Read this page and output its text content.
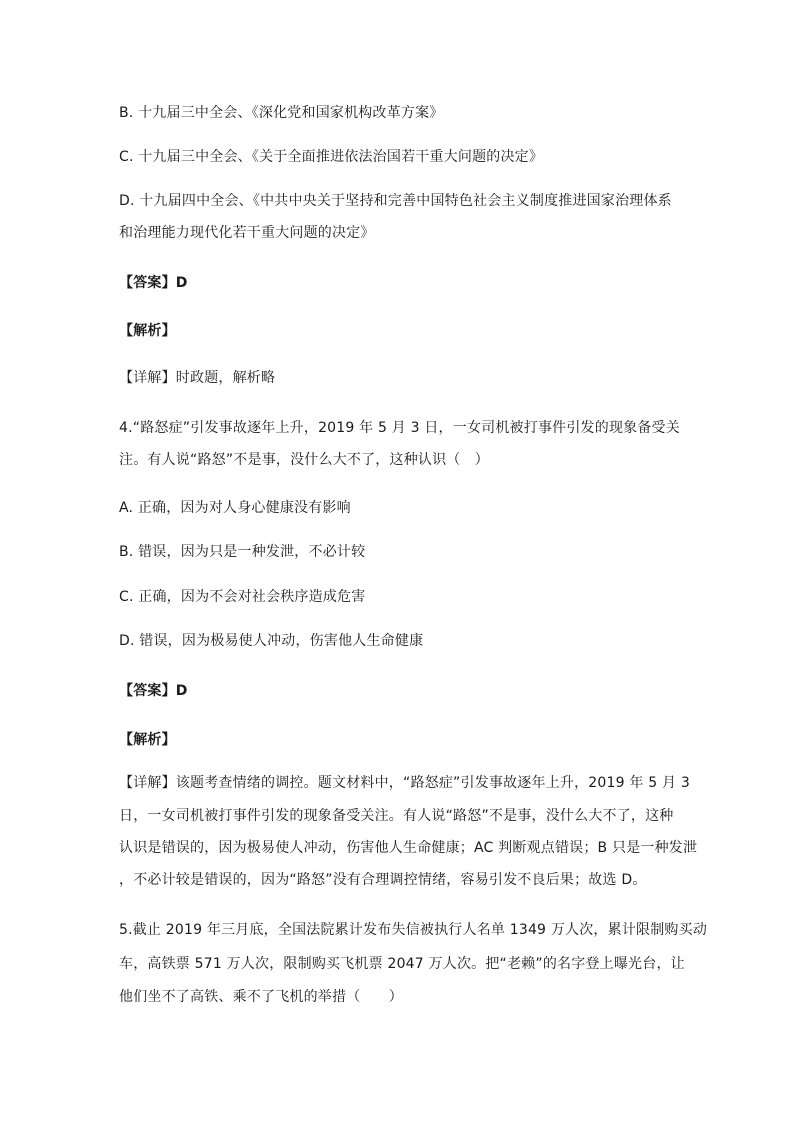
B. 十九届三中全会、《深化党和国家机构改革方案》
C. 十九届三中全会、《关于全面推进依法治国若干重大问题的决定》
D. 十九届四中全会、《中共中央关于坚持和完善中国特色社会主义制度推进国家治理体系
和治理能力现代化若干重大问题的决定》
【答案】D
【解析】
【详解】时政题，解析略
4.“路怒症”引发事故逐年上升，2019 年 5 月 3 日，一女司机被打事件引发的现象备受关
注。有人说“路怒”不是事，没什么大不了，这种认识（　）
A. 正确，因为对人身心健康没有影响
B. 错误，因为只是一种发泄，不必计较
C. 正确，因为不会对社会秩序造成危害
D. 错误，因为极易使人冲动，伤害他人生命健康
【答案】D
【解析】
【详解】该题考查情绪的调控。题文材料中，“路怒症”引发事故逐年上升，2019 年 5 月 3
日，一女司机被打事件引发的现象备受关注。有人说“路怒”不是事，没什么大不了，这种
认识是错误的，因为极易使人冲动，伤害他人生命健康；AC 判断观点错误；B 只是一种发泄
，不必计较是错误的，因为“路怒”没有合理调控情绪，容易引发不良后果；故选 D。
5.截止 2019 年三月底，全国法院累计发布失信被执行人名单 1349 万人次，累计限制购买动
车，高铁票 571 万人次，限制购买飞机票 2047 万人次。把“老赖”的名字登上曝光台，让
他们坐不了高铁、乘不了飞机的举措（　　）
